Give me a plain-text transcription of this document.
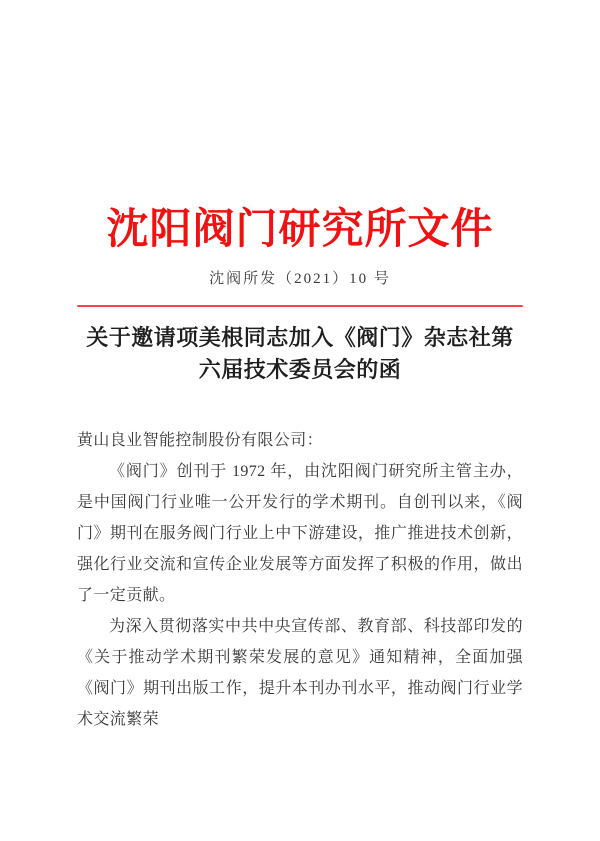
沈阳阀门研究所文件
沈阀所发（2021）10 号
关于邀请项美根同志加入《阀门》杂志社第六届技术委员会的函
黄山良业智能控制股份有限公司：
《阀门》创刊于 1972 年，由沈阳阀门研究所主管主办，是中国阀门行业唯一公开发行的学术期刊。自创刊以来，《阀门》期刊在服务阀门行业上中下游建设，推广推进技术创新，强化行业交流和宣传企业发展等方面发挥了积极的作用，做出了一定贡献。
为深入贯彻落实中共中央宣传部、教育部、科技部印发的《关于推动学术期刊繁荣发展的意见》通知精神，全面加强《阀门》期刊出版工作，提升本刊办刊水平，推动阀门行业学术交流繁荣
